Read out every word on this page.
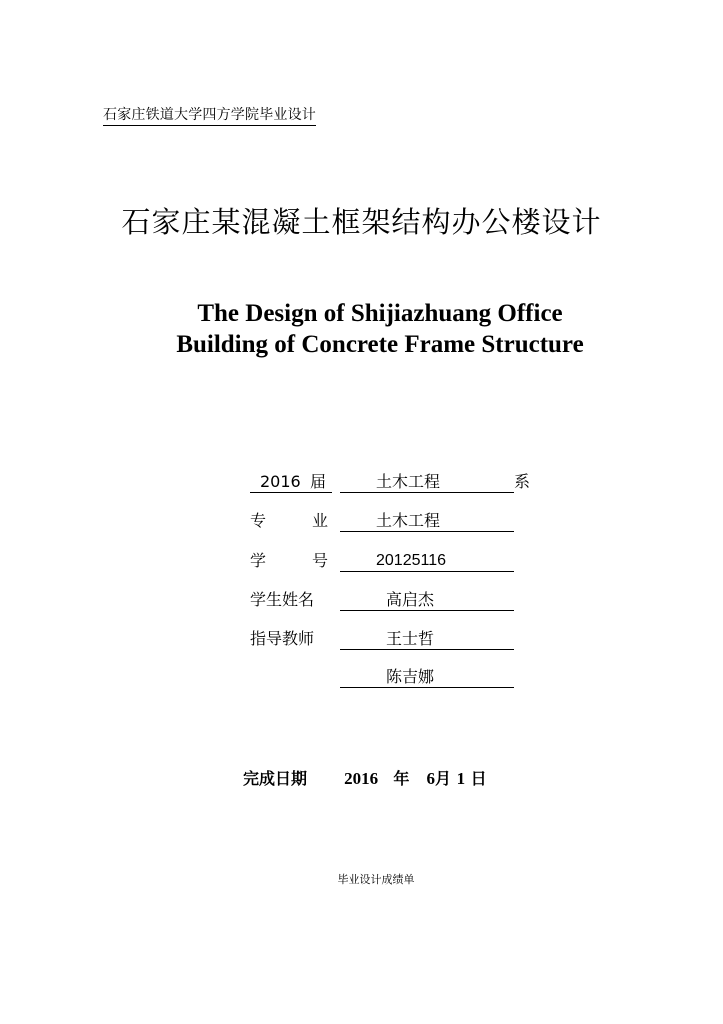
石家庄铁道大学四方学院毕业设计
石家庄某混凝土框架结构办公楼设计
The Design of Shijiazhuang Office
Building of Concrete Frame Structure
2016 届	土木工程	系
专 业	土木工程
学 号	20125116
学生姓名	高启杰
指导教师	王士哲
陈吉娜
完成日期 2016 年 6月 1 日
毕业设计成绩单
